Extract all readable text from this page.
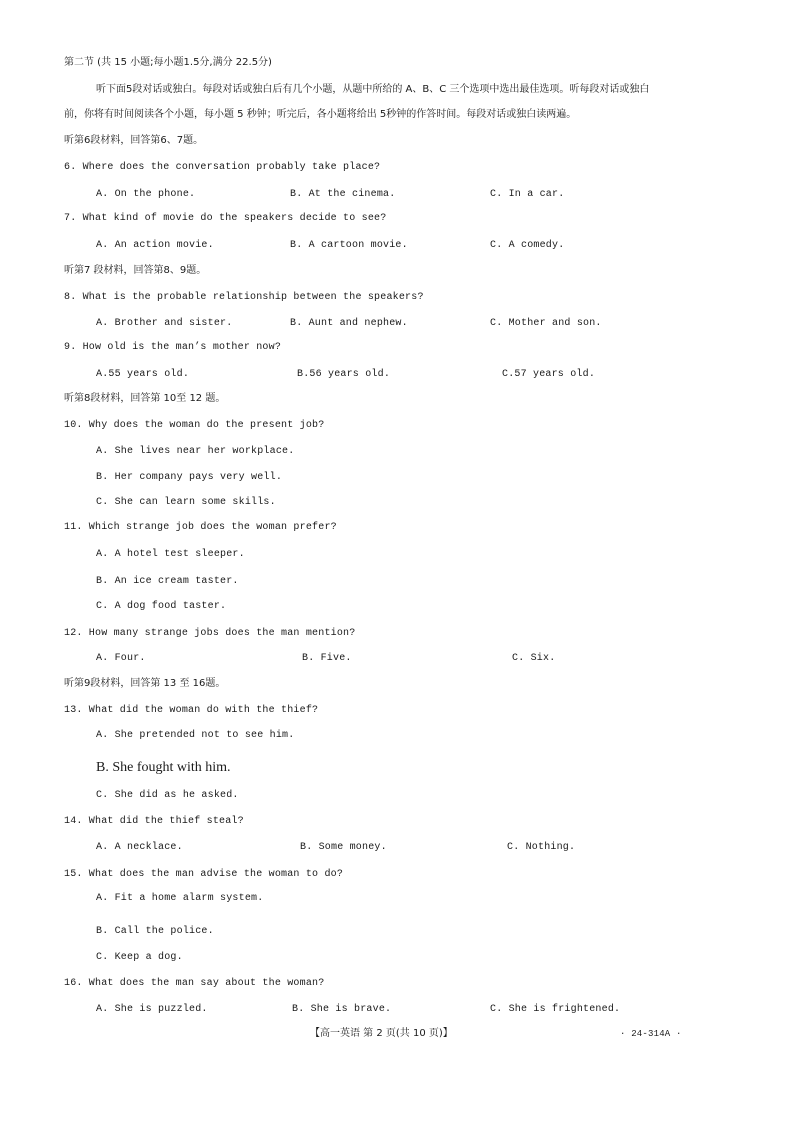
第二节 (共 15 小题;每小题1.5分,满分 22.5分)
听下面5段对话或独白。每段对话或独白后有几个小题，从题中所给的 A、B、C 三个选项中选出最佳选项。听每段对话或独白
前，你将有时间阅读各个小题，每小题 5 秒钟；听完后，各小题将给出 5秒钟的作答时间。每段对话或独白读两遍。
听第6段材料，回答第6、7题。
6. Where does the conversation probably take place?
A. On the phone.	B. At the cinema.	C. In a car.
7. What kind of movie do the speakers decide to see?
A. An action movie.	B. A cartoon movie.	C. A comedy.
听第7 段材料，回答第8、9题。
8. What is the probable relationship between the speakers?
A. Brother and sister.	B. Aunt and nephew.	C. Mother and son.
9. How old is the man’s mother now?
A.55 years old.	B.56 years old.	C.57 years old.
听第8段材料，回答第 10至 12 题。
10. Why does the woman do the present job?
A. She lives near her workplace.
B. Her company pays very well.
C. She can learn some skills.
11. Which strange job does the woman prefer?
A. A hotel test sleeper.
B. An ice cream taster.
C. A dog food taster.
12. How many strange jobs does the man mention?
A. Four.	B. Five.	C. Six.
听第9段材料，回答第 13 至 16题。
13. What did the woman do with the thief?
A. She pretended not to see him.
B. She fought with him.
C. She did as he asked.
14. What did the thief steal?
A. A necklace.	B. Some money.	C. Nothing.
15. What does the man advise the woman to do?
A. Fit a home alarm system.
B. Call the police.
C. Keep a dog.
16. What does the man say about the woman?
A. She is puzzled.	B. She is brave.	C. She is frightened.
【高一英语 第 2 页(共 10 页)】	· 24-314A ·
